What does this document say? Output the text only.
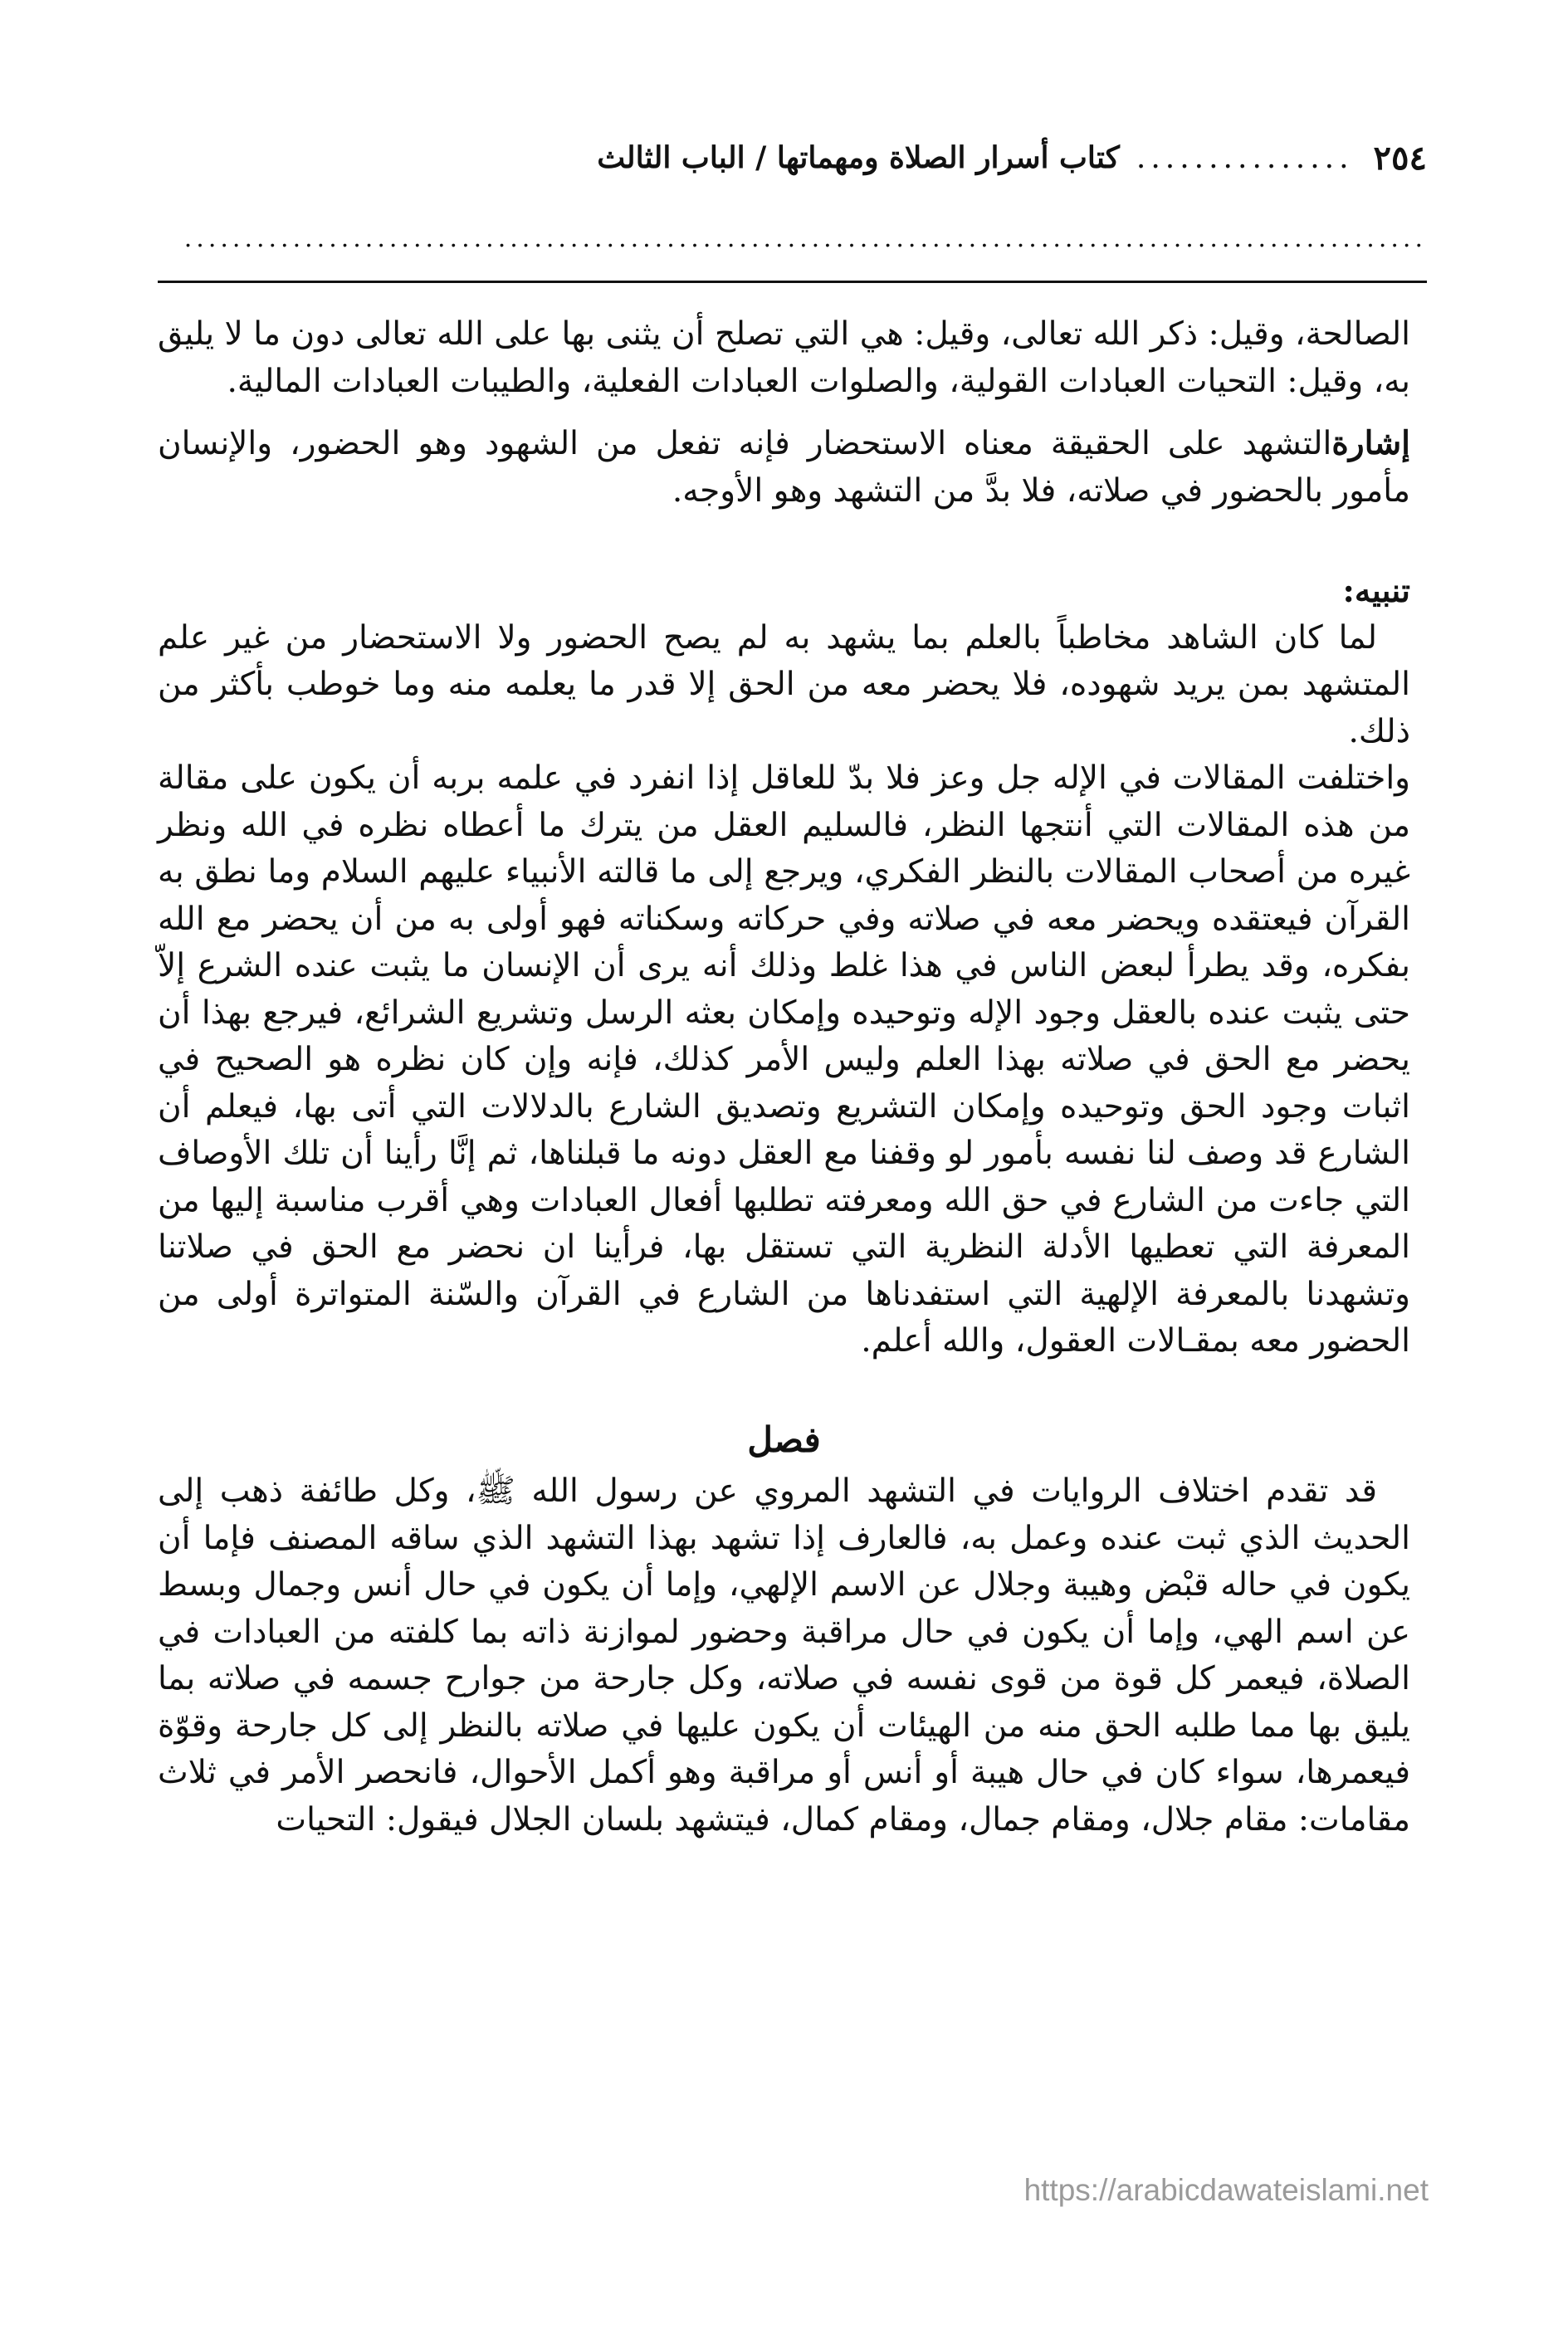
٢٥٤
...............
كتاب أسرار الصلاة ومهماتها / الباب الثالث
.......................................................................................................

الصالحة، وقيل: ذكر الله تعالى، وقيل: هي التي تصلح أن يثنى بها على الله تعالى دون ما لا يليق به، وقيل: التحيات العبادات القولية، والصلوات العبادات الفعلية، والطيبات العبادات المالية.

إشارةالتشهد على الحقيقة معناه الاستحضار فإنه تفعل من الشهود وهو الحضور، والإنسان مأمور بالحضور في صلاته، فلا بدَّ من التشهد وهو الأوجه.

تنبيه:

لما كان الشاهد مخاطباً بالعلم بما يشهد به لم يصح الحضور ولا الاستحضار من غير علم المتشهد بمن يريد شهوده، فلا يحضر معه من الحق إلا قدر ما يعلمه منه وما خوطب بأكثر من ذلك.

واختلفت المقالات في الإله جل وعز فلا بدّ للعاقل إذا انفرد في علمه بربه أن يكون على مقالة من هذه المقالات التي أنتجها النظر، فالسليم العقل من يترك ما أعطاه نظره في الله ونظر غيره من أصحاب المقالات بالنظر الفكري، ويرجع إلى ما قالته الأنبياء عليهم السلام وما نطق به القرآن فيعتقده ويحضر معه في صلاته وفي حركاته وسكناته فهو أولى به من أن يحضر مع الله بفكره، وقد يطرأ لبعض الناس في هذا غلط وذلك أنه يرى أن الإنسان ما يثبت عنده الشرع إلاّ حتى يثبت عنده بالعقل وجود الإله وتوحيده وإمكان بعثه الرسل وتشريع الشرائع، فيرجع بهذا أن يحضر مع الحق في صلاته بهذا العلم وليس الأمر كذلك، فإنه وإن كان نظره هو الصحيح في اثبات وجود الحق وتوحيده وإمكان التشريع وتصديق الشارع بالدلالات التي أتى بها، فيعلم أن الشارع قد وصف لنا نفسه بأمور لو وقفنا مع العقل دونه ما قبلناها، ثم إنَّا رأينا أن تلك الأوصاف التي جاءت من الشارع في حق الله ومعرفته تطلبها أفعال العبادات وهي أقرب مناسبة إليها من المعرفة التي تعطيها الأدلة النظرية التي تستقل بها، فرأينا ان نحضر مع الحق في صلاتنا وتشهدنا بالمعرفة الإلهية التي استفدناها من الشارع في القرآن والسّنة المتواترة أولى من الحضور معه بمقـالات العقول، والله أعلم.

فصل

قد تقدم اختلاف الروايات في التشهد المروي عن رسول الله ﷺ، وكل طائفة ذهب إلى الحديث الذي ثبت عنده وعمل به، فالعارف إذا تشهد بهذا التشهد الذي ساقه المصنف فإما أن يكون في حاله قبْض وهيبة وجلال عن الاسم الإلهي، وإما أن يكون في حال أنس وجمال وبسط عن اسم الهي، وإما أن يكون في حال مراقبة وحضور لموازنة ذاته بما كلفته من العبادات في الصلاة، فيعمر كل قوة من قوى نفسه في صلاته، وكل جارحة من جوارح جسمه في صلاته بما يليق بها مما طلبه الحق منه من الهيئات أن يكون عليها في صلاته بالنظر إلى كل جارحة وقوّة فيعمرها، سواء كان في حال هيبة أو أنس أو مراقبة وهو أكمل الأحوال، فانحصر الأمر في ثلاث مقامات: مقام جلال، ومقام جمال، ومقام كمال، فيتشهد بلسان الجلال فيقول: التحيات

https://arabicdawateislami.net
